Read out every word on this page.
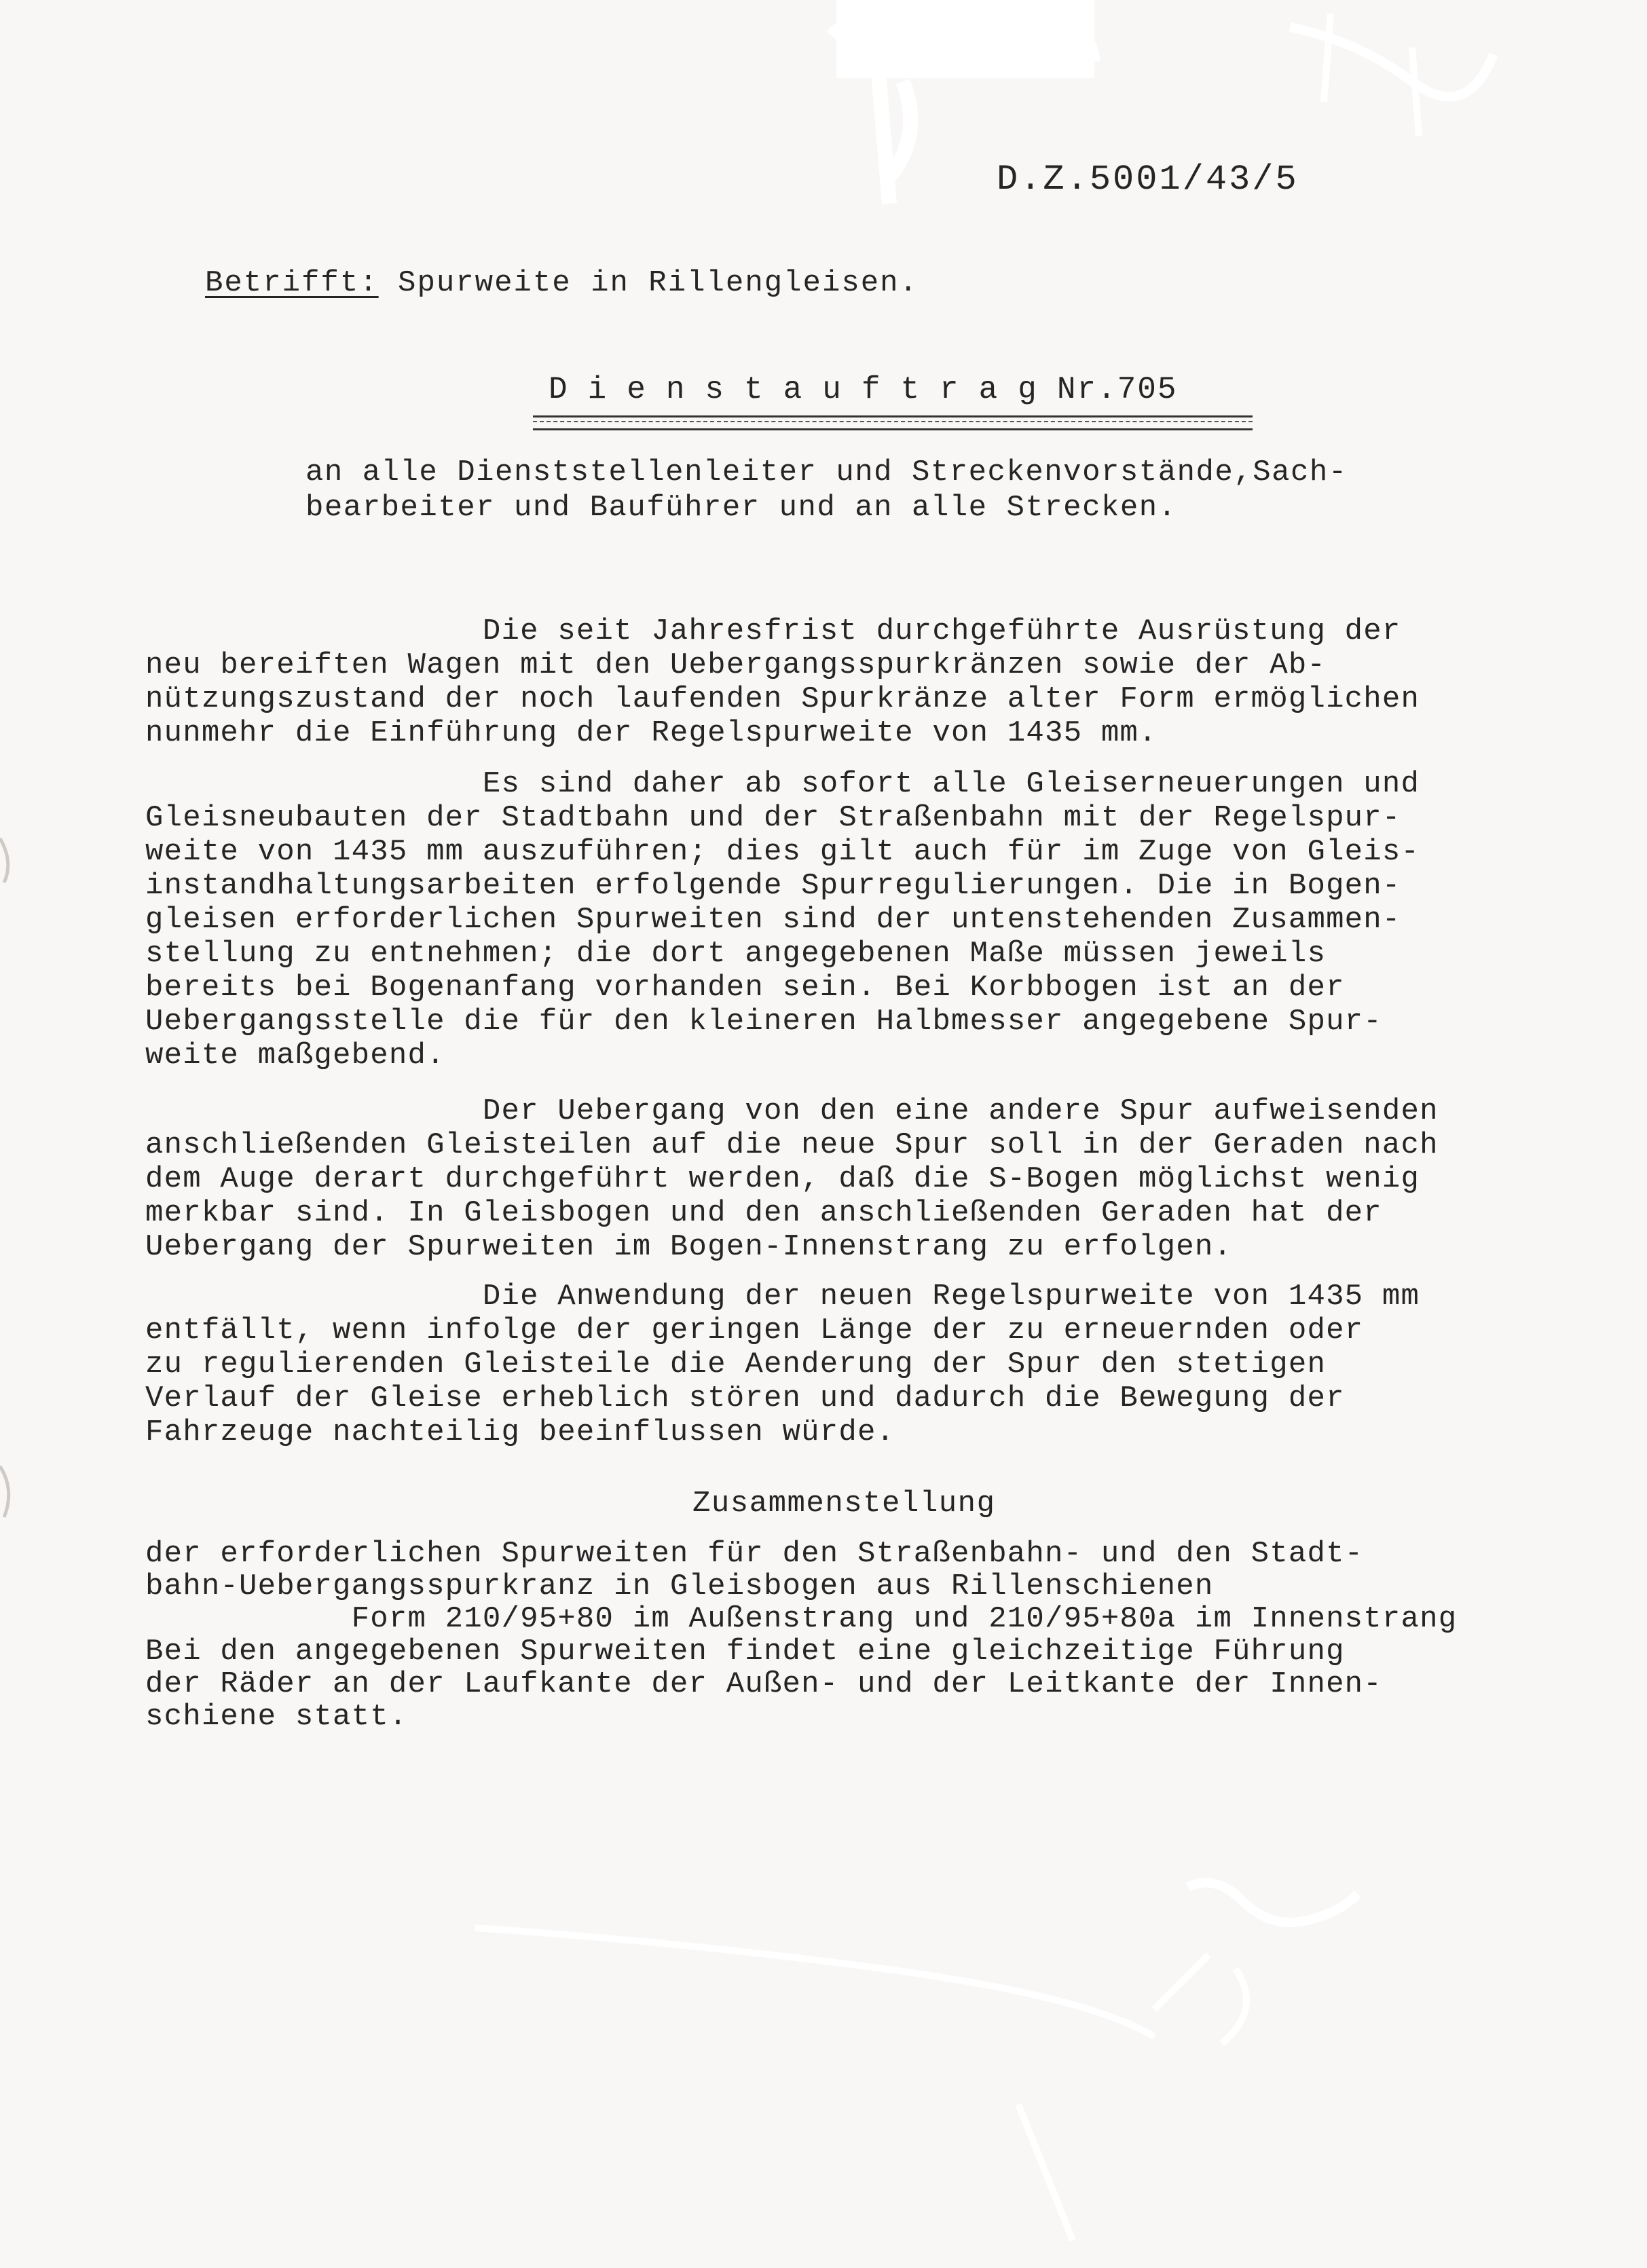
D.Z.5001/43/5
Betrifft: Spurweite in Rillengleisen.
DienstauftragNr.705
an alle Dienststellenleiter und Streckenvorstände,Sach-
bearbeiter und Bauführer und an alle Strecken.
Die seit Jahresfrist durchgeführte Ausrüstung der
neu bereiften Wagen mit den Uebergangsspurkränzen sowie der Ab-
nützungszustand der noch laufenden Spurkränze alter Form ermöglichen
nunmehr die Einführung der Regelspurweite von 1435 mm.
Es sind daher ab sofort alle Gleiserneuerungen und
Gleisneubauten der Stadtbahn und der Straßenbahn mit der Regelspur-
weite von 1435 mm auszuführen; dies gilt auch für im Zuge von Gleis-
instandhaltungsarbeiten erfolgende Spurregulierungen. Die in Bogen-
gleisen erforderlichen Spurweiten sind der untenstehenden Zusammen-
stellung zu entnehmen; die dort angegebenen Maße müssen jeweils
bereits bei Bogenanfang vorhanden sein. Bei Korbbogen ist an der
Uebergangsstelle die für den kleineren Halbmesser angegebene Spur-
weite maßgebend.
Der Uebergang von den eine andere Spur aufweisenden
anschließenden Gleisteilen auf die neue Spur soll in der Geraden nach
dem Auge derart durchgeführt werden, daß die S-Bogen möglichst wenig
merkbar sind. In Gleisbogen und den anschließenden Geraden hat der
Uebergang der Spurweiten im Bogen-Innenstrang zu erfolgen.
Die Anwendung der neuen Regelspurweite von 1435 mm
entfällt, wenn infolge der geringen Länge der zu erneuernden oder
zu regulierenden Gleisteile die Aenderung der Spur den stetigen
Verlauf der Gleise erheblich stören und dadurch die Bewegung der
Fahrzeuge nachteilig beeinflussen würde.
Zusammenstellung
der erforderlichen Spurweiten für den Straßenbahn- und den Stadt-
bahn-Uebergangsspurkranz in Gleisbogen aus Rillenschienen
Form 210/95+80 im Außenstrang und 210/95+80a im Innenstrang
Bei den angegebenen Spurweiten findet eine gleichzeitige Führung
der Räder an der Laufkante der Außen- und der Leitkante der Innen-
schiene statt.
